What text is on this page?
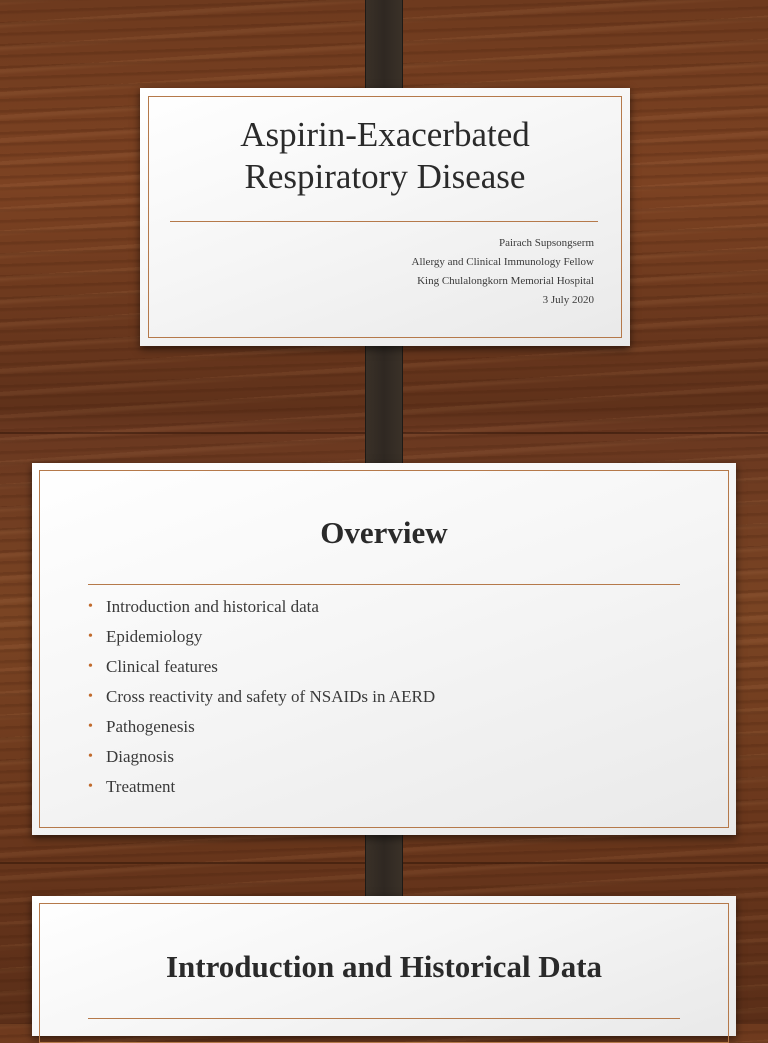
Aspirin-Exacerbated
Respiratory Disease
Pairach Supsongserm
Allergy and Clinical Immunology Fellow
King Chulalongkorn Memorial Hospital
3 July 2020
Overview
• Introduction and historical data
• Epidemiology
• Clinical features
• Cross reactivity and safety of NSAIDs in AERD
• Pathogenesis
• Diagnosis
• Treatment
Introduction and Historical Data
